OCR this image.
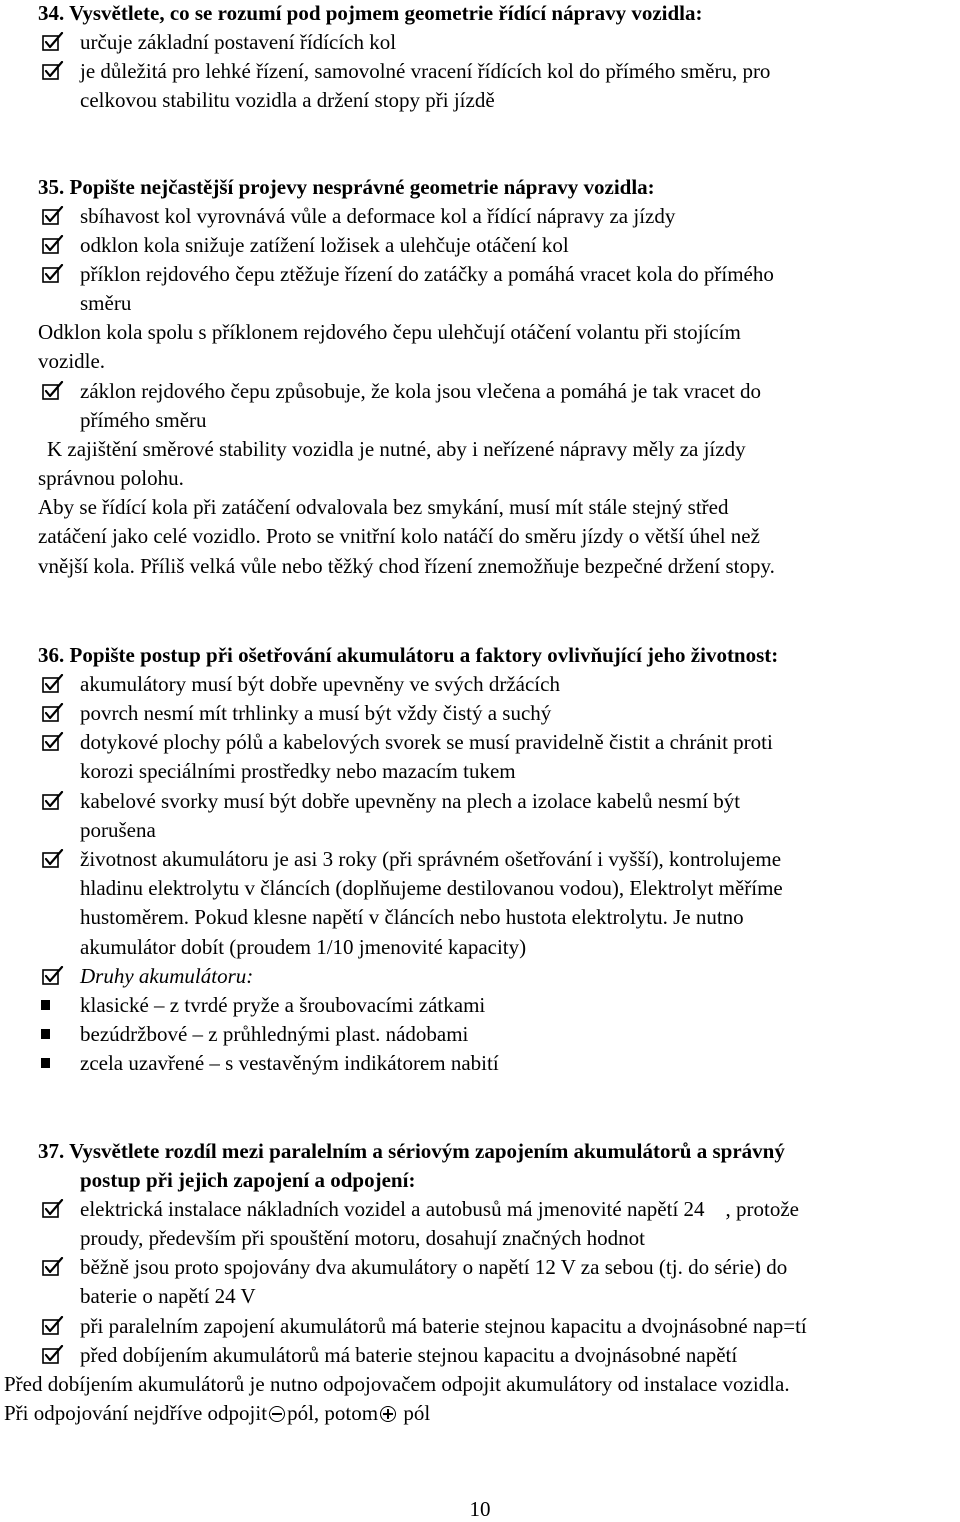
34. Vysvětlete, co se rozumí pod pojmem geometrie řídící nápravy vozidla:
určuje základní postavení řídících kol
je důležitá pro lehké řízení, samovolné vracení řídících kol do přímého směru, pro
celkovou stabilitu vozidla a držení stopy při jízdě
35. Popište nejčastější projevy nesprávné geometrie nápravy vozidla:
sbíhavost kol vyrovnává vůle a deformace kol a řídící nápravy za jízdy
odklon kola snižuje zatížení ložisek a ulehčuje otáčení kol
příklon rejdového čepu ztěžuje řízení do zatáčky a pomáhá vracet kola do přímého
směru
Odklon kola spolu s příklonem rejdového čepu ulehčují otáčení volantu při stojícím
vozidle.
záklon rejdového čepu způsobuje, že kola jsou vlečena a pomáhá je tak vracet do
přímého směru
K zajištění směrové stability vozidla je nutné, aby i neřízené nápravy měly za jízdy
správnou polohu.
Aby se řídící kola při zatáčení odvalovala bez smykání, musí mít stále stejný střed
zatáčení jako celé vozidlo. Proto se vnitřní kolo natáčí do směru jízdy o větší úhel než
vnější kola. Příliš velká vůle nebo těžký chod řízení znemožňuje bezpečné držení stopy.
36. Popište postup při ošetřování akumulátoru a faktory ovlivňující jeho životnost:
akumulátory musí být dobře upevněny ve svých držácích
povrch nesmí mít trhlinky a musí být vždy čistý a suchý
dotykové plochy pólů a kabelových svorek se musí pravidelně čistit a chránit proti
korozi speciálními prostředky nebo mazacím tukem
kabelové svorky musí být dobře upevněny na plech a izolace kabelů nesmí být
porušena
životnost akumulátoru je asi 3 roky (při správném ošetřování i vyšší), kontrolujeme
hladinu elektrolytu v článcích (doplňujeme destilovanou vodou), Elektrolyt měříme
hustoměrem. Pokud klesne napětí v článcích nebo hustota elektrolytu. Je nutno
akumulátor dobít (proudem 1/10 jmenovité kapacity)
Druhy akumulátoru:
klasické – z tvrdé pryže a šroubovacími zátkami
bezúdržbové – z průhlednými plast. nádobami
zcela uzavřené – s vestavěným indikátorem nabití
37. Vysvětlete rozdíl mezi paralelním a sériovým zapojením akumulátorů a správný
postup při jejich zapojení a odpojení:
elektrická instalace nákladních vozidel a autobusů má jmenovité napětí 24    , protože
proudy, především při spouštění motoru, dosahují značných hodnot
běžně jsou proto spojovány dva akumulátory o napětí 12 V za sebou (tj. do série) do
baterie o napětí 24 V
při paralelním zapojení akumulátorů má baterie stejnou kapacitu a dvojnásobné nap=tí
před dobíjením akumulátorů má baterie stejnou kapacitu a dvojnásobné napětí
Před dobíjením akumulátorů je nutno odpojovačem odpojit akumulátory od instalace vozidla.
Při odpojování nejdříve odpojit pól, potom pól
10
